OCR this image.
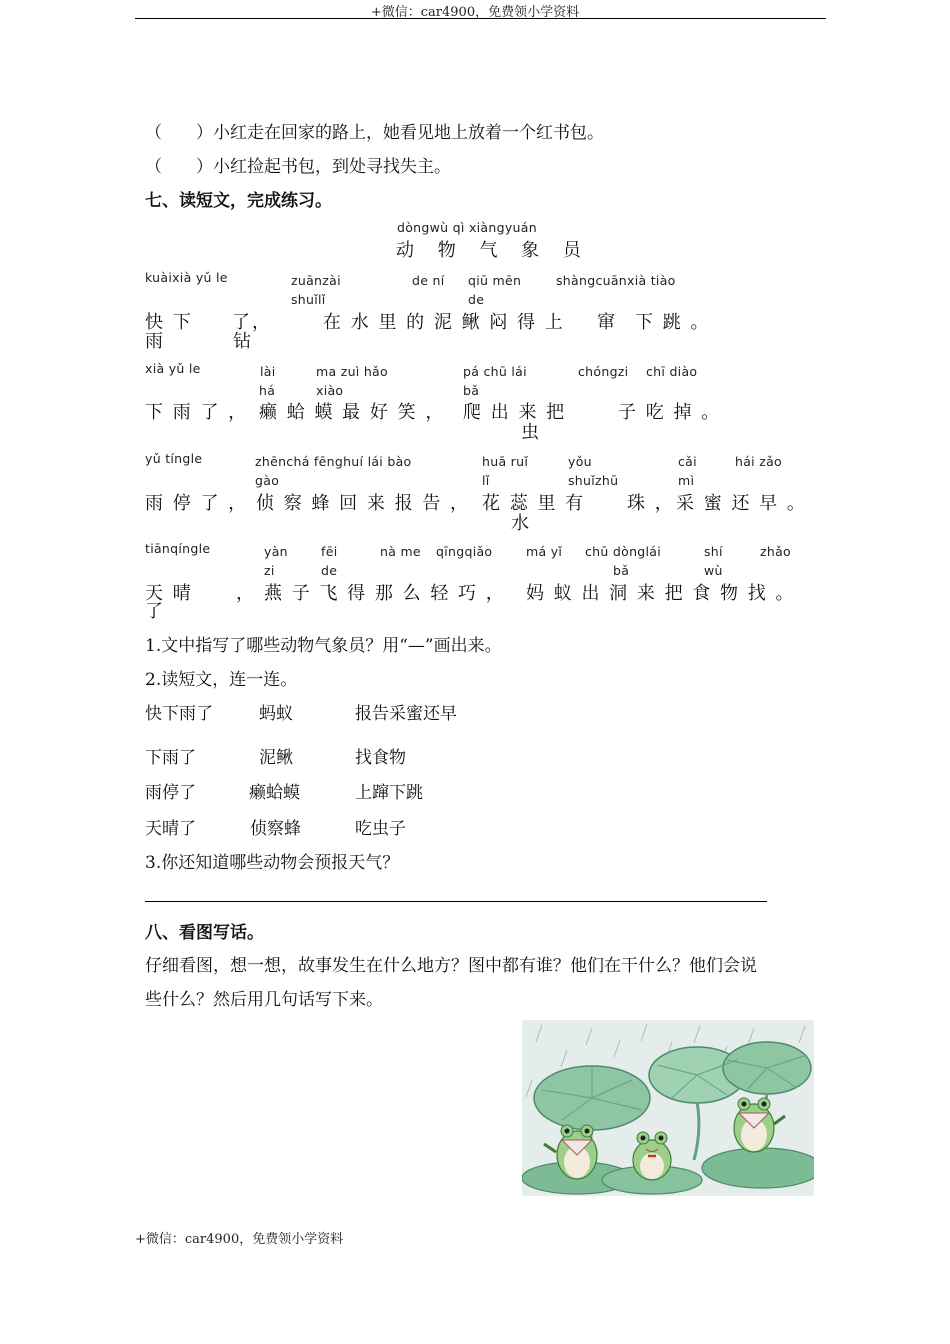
+微信：car4900，免费领小学资料
（　　）小红走在回家的路上，她看见地上放着一个红书包。
（　　）小红捡起书包，到处寻找失主。
七、读短文，完成练习。
dòngwù qì xiàngyuán
动 物 气 象 员
kuàixià yǔ le	zuānzài	de ní qiū mēn	shàngcuānxià tiào
shuǐlǐ	de
快 下 了，	在 水 里 的 泥 鳅 闷 得 上 窜 下 跳 。
雨	钻
xià yǔ le	lài	ma zuì hǎo	pá chū lái	chóngzi chī diào
há	xiào	bǎ
下 雨 了 ， 癞 蛤 蟆 最 好 笑 ， 爬 出 来 把	子 吃 掉 。
虫
yǔ tíngle	zhēnchá fēnghuí lái bào	huā ruǐ	yǒu	cǎi	hái zǎo
gào	lǐ	shuǐzhū	mì
雨 停 了 ， 侦 察 蜂 回 来 报 告 ， 花 蕊 里 有 珠 ， 采 蜜 还 早 。
水
tiānqíngle	yàn	fēi	nà me qīngqiǎo	má yǐ chū dònglái	shí	zhǎo
zi	de	bǎ	wù
天 晴 ， 燕 子 飞 得 那 么 轻 巧 ， 妈 蚁 出 洞 来 把 食 物 找 。
了
1.文中指写了哪些动物气象员？用“—”画出来。
2.读短文，连一连。
快下雨了	蚂蚁	报告采蜜还早
下雨了	泥鳅	找食物
雨停了	癞蛤蟆	上蹿下跳
天晴了	侦察蜂	吃虫子
3.你还知道哪些动物会预报天气？
八、看图写话。
仔细看图，想一想，故事发生在什么地方？图中都有谁？他们在干什么？他们会说
些什么？然后用几句话写下来。
+微信：car4900，免费领小学资料
